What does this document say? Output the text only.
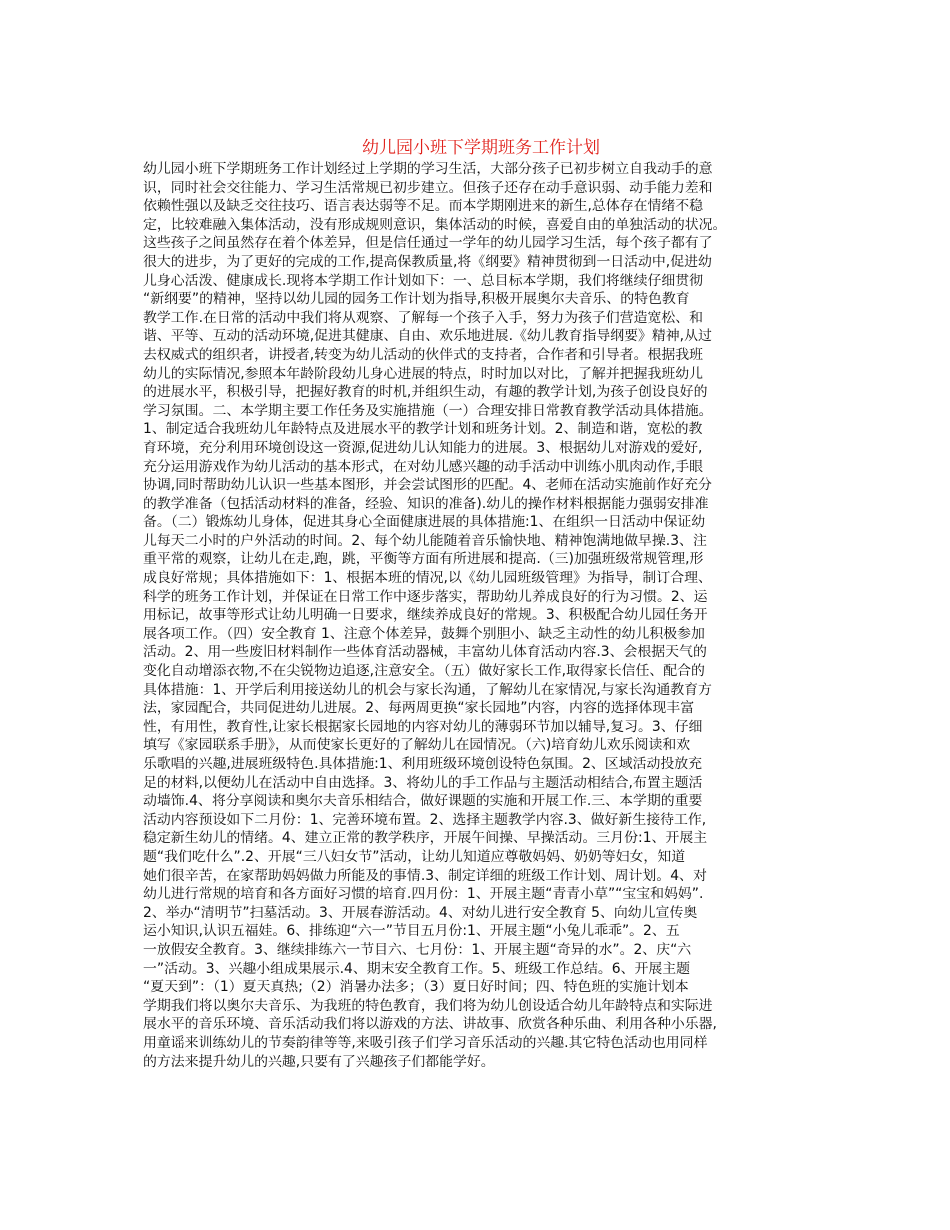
幼儿园小班下学期班务工作计划
幼儿园小班下学期班务工作计划经过上学期的学习生活，大部分孩子已初步树立自我动手的意
识，同时社会交往能力、学习生活常规已初步建立。但孩子还存在动手意识弱、动手能力差和
依赖性强以及缺乏交往技巧、语言表达弱等不足。而本学期刚进来的新生,总体存在情绪不稳
定，比较难融入集体活动，没有形成规则意识，集体活动的时候，喜爱自由的单独活动的状况。
这些孩子之间虽然存在着个体差异，但是信任通过一学年的幼儿园学习生活，每个孩子都有了
很大的进步，为了更好的完成的工作,提高保教质量,将《纲要》精神贯彻到一日活动中,促进幼
儿身心活泼、健康成长.现将本学期工作计划如下：一、总目标本学期，我们将继续仔细贯彻
“新纲要”的精神，坚持以幼儿园的园务工作计划为指导,积极开展奥尔夫音乐、的特色教育
教学工作.在日常的活动中我们将从观察、了解每一个孩子入手，努力为孩子们营造宽松、和
谐、平等、互动的活动环境,促进其健康、自由、欢乐地进展.《幼儿教育指导纲要》精神,从过
去权威式的组织者，讲授者,转变为幼儿活动的伙伴式的支持者，合作者和引导者。根据我班
幼儿的实际情况,参照本年龄阶段幼儿身心进展的特点，时时加以对比，了解并把握我班幼儿
的进展水平，积极引导，把握好教育的时机,并组织生动，有趣的教学计划,为孩子创设良好的
学习氛围。二、本学期主要工作任务及实施措施（一）合理安排日常教育教学活动具体措施。
1、制定适合我班幼儿年龄特点及进展水平的教学计划和班务计划。2、制造和谐，宽松的教
育环境，充分利用环境创设这一资源,促进幼儿认知能力的进展。3、根据幼儿对游戏的爱好,
充分运用游戏作为幼儿活动的基本形式，在对幼儿感兴趣的动手活动中训练小肌肉动作,手眼
协调,同时帮助幼儿认识一些基本图形，并会尝试图形的匹配。4、老师在活动实施前作好充分
的教学准备（包括活动材料的准备，经验、知识的准备).幼儿的操作材料根据能力强弱安排准
备。（二）锻炼幼儿身体，促进其身心全面健康进展的具体措施:1、在组织一日活动中保证幼
儿每天二小时的户外活动的时间。2、每个幼儿能随着音乐愉快地、精神饱满地做早操.3、注
重平常的观察，让幼儿在走,跑，跳，平衡等方面有所进展和提高.（三)加强班级常规管理,形
成良好常规；具体措施如下：1、根据本班的情况,以《幼儿园班级管理》为指导，制订合理、
科学的班务工作计划，并保证在日常工作中逐步落实，帮助幼儿养成良好的行为习惯。2、运
用标记，故事等形式让幼儿明确一日要求，继续养成良好的常规。3、积极配合幼儿园任务开
展各项工作。（四）安全教育 1、注意个体差异，鼓舞个别胆小、缺乏主动性的幼儿积极参加
活动。2、用一些废旧材料制作一些体育活动器械，丰富幼儿体育活动内容.3、会根据天气的
变化自动增添衣物,不在尖锐物边追逐,注意安全。（五）做好家长工作,取得家长信任、配合的
具体措施：1、开学后利用接送幼儿的机会与家长沟通，了解幼儿在家情况,与家长沟通教育方
法，家园配合，共同促进幼儿进展。2、每两周更换“家长园地”内容，内容的选择体现丰富
性，有用性，教育性,让家长根据家长园地的内容对幼儿的薄弱环节加以辅导,复习。3、仔细
填写《家园联系手册》，从而使家长更好的了解幼儿在园情况。（六)培育幼儿欢乐阅读和欢
乐歌唱的兴趣,进展班级特色.具体措施:1、利用班级环境创设特色氛围。2、区域活动投放充
足的材料,以便幼儿在活动中自由选择。3、将幼儿的手工作品与主题活动相结合,布置主题活
动墙饰.4、将分享阅读和奥尔夫音乐相结合，做好课题的实施和开展工作.三、本学期的重要
活动内容预设如下二月份：1、完善环境布置。2、选择主题教学内容.3、做好新生接待工作,
稳定新生幼儿的情绪。4、建立正常的教学秩序，开展午间操、早操活动。三月份:1、开展主
题“我们吃什么”.2、开展“三八妇女节”活动，让幼儿知道应尊敬妈妈、奶奶等妇女，知道
她们很辛苦，在家帮助妈妈做力所能及的事情.3、制定详细的班级工作计划、周计划。4、对
幼儿进行常规的培育和各方面好习惯的培育.四月份：1、开展主题“青青小草”“宝宝和妈妈”.
2、举办“清明节”扫墓活动。3、开展春游活动。4、对幼儿进行安全教育 5、向幼儿宣传奥
运小知识,认识五福娃。6、排练迎“六一”节目五月份:1、开展主题“小兔儿乖乖”。2、五
一放假安全教育。3、继续排练六一节目六、七月份：1、开展主题“奇异的水”。2、庆“六
一”活动。3、兴趣小组成果展示.4、期末安全教育工作。5、班级工作总结。6、开展主题
“夏天到”：（1）夏天真热;（2）消暑办法多；（3）夏日好时间；四、特色班的实施计划本
学期我们将以奥尔夫音乐、为我班的特色教育，我们将为幼儿创设适合幼儿年龄特点和实际进
展水平的音乐环境、音乐活动我们将以游戏的方法、讲故事、欣赏各种乐曲、利用各种小乐器,
用童谣来训练幼儿的节奏韵律等等,来吸引孩子们学习音乐活动的兴趣.其它特色活动也用同样
的方法来提升幼儿的兴趣,只要有了兴趣孩子们都能学好。
